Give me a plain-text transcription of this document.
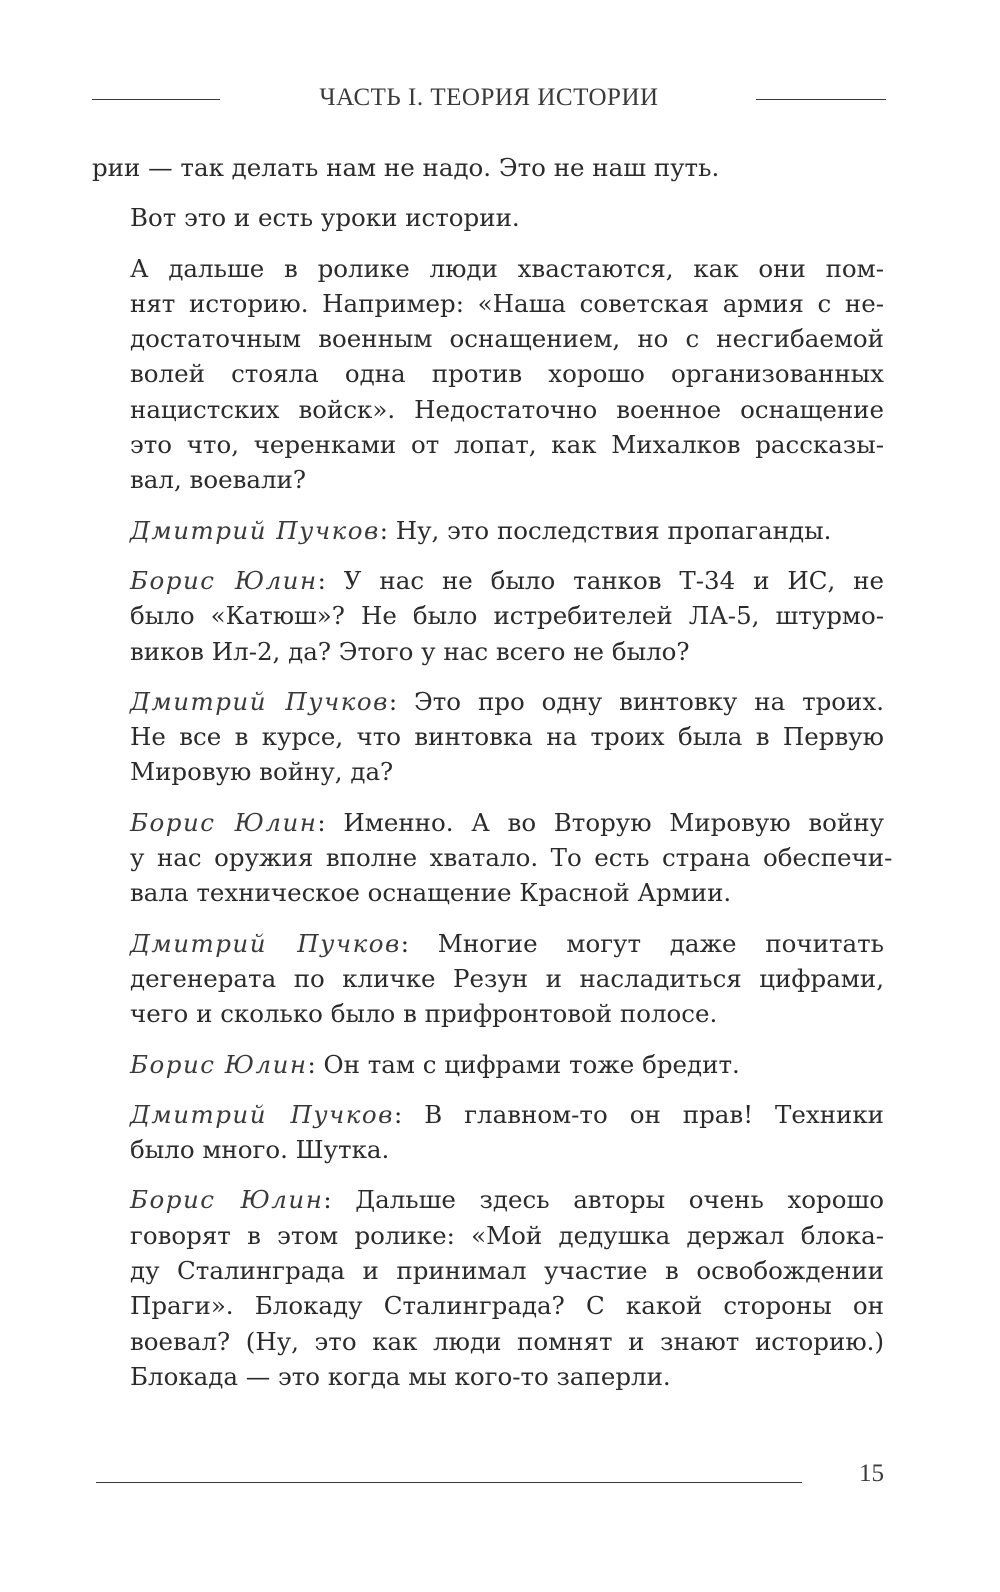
ЧАСТЬ I. ТЕОРИЯ ИСТОРИИ
рии — так делать нам не надо. Это не наш путь.
Вот это и есть уроки истории.
А дальше в ролике люди хвастаются, как они пом-
нят историю. Например: «Наша советская армия с не-
достаточным военным оснащением, но с несгибаемой
волей стояла одна против хорошо организованных
нацистских войск». Недостаточно военное оснащение
это что, черенками от лопат, как Михалков рассказы-
вал, воевали?
Дмитрий Пучков: Ну, это последствия пропаганды.
Борис Юлин: У нас не было танков Т-34 и ИС, не
было «Катюш»? Не было истребителей ЛА-5, штурмо-
виков Ил-2, да? Этого у нас всего не было?
Дмитрий Пучков: Это про одну винтовку на троих.
Не все в курсе, что винтовка на троих была в Первую
Мировую войну, да?
Борис Юлин: Именно. А во Вторую Мировую войну
у нас оружия вполне хватало. То есть страна обеспечи-
вала техническое оснащение Красной Армии.
Дмитрий Пучков: Многие могут даже почитать
дегенерата по кличке Резун и насладиться цифрами,
чего и сколько было в прифронтовой полосе.
Борис Юлин: Он там с цифрами тоже бредит.
Дмитрий Пучков: В главном-то он прав! Техники
было много. Шутка.
Борис Юлин: Дальше здесь авторы очень хорошо
говорят в этом ролике: «Мой дедушка держал блока-
ду Сталинграда и принимал участие в освобождении
Праги». Блокаду Сталинграда? С какой стороны он
воевал? (Ну, это как люди помнят и знают историю.)
Блокада — это когда мы кого-то заперли.
15
